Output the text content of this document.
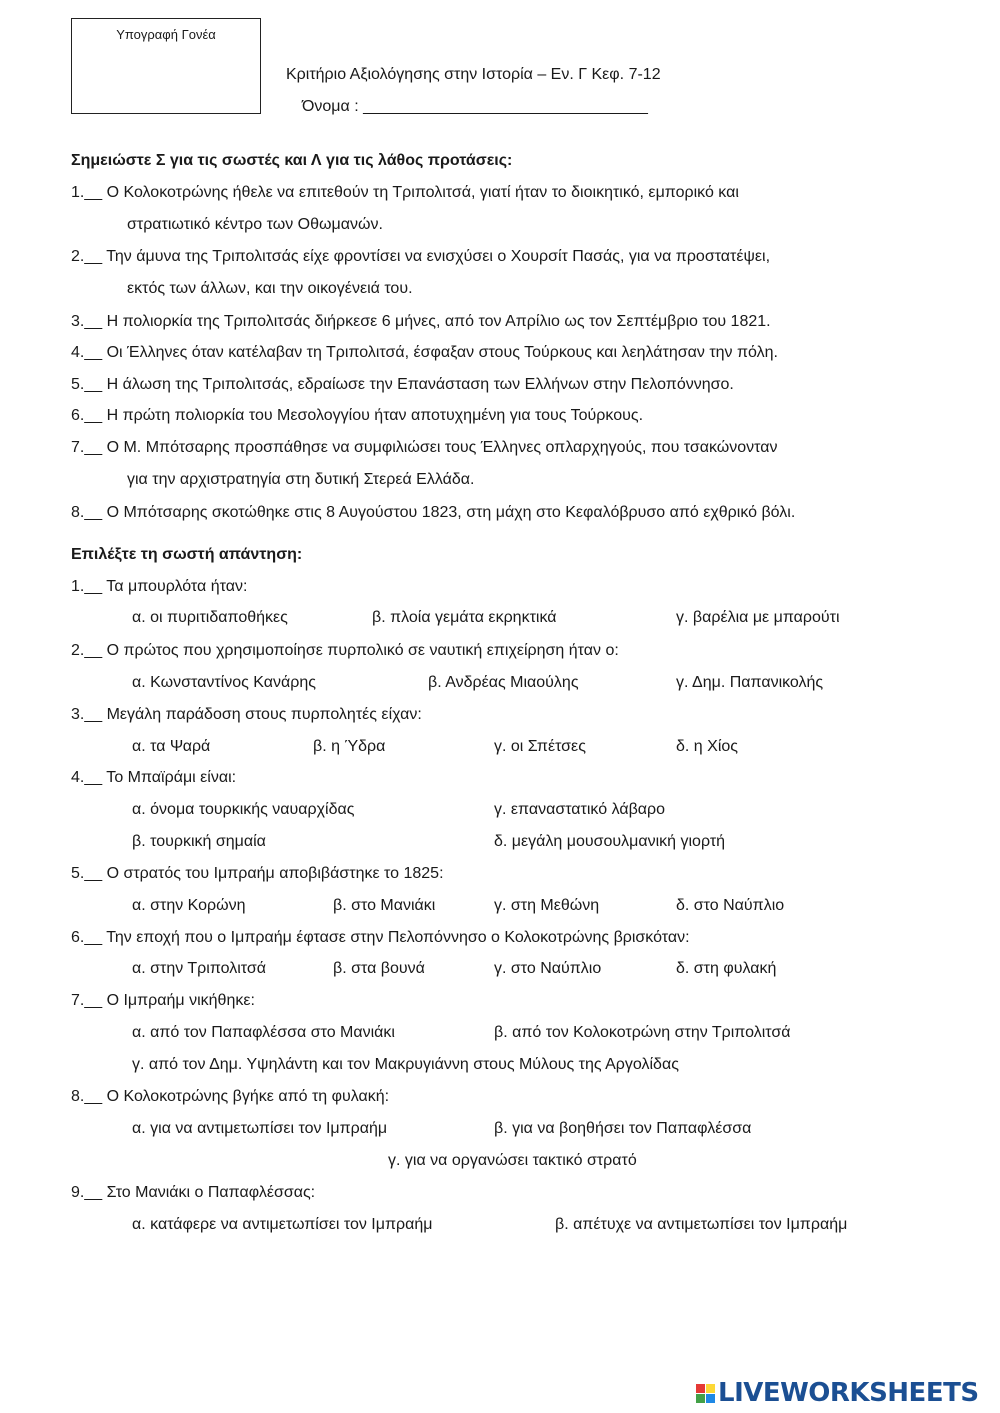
Υπογραφή Γονέα
Κριτήριο Αξιολόγησης στην Ιστορία – Εν. Γ Κεφ. 7-12
Όνομα : ________________________________
Σημειώστε Σ για τις σωστές και Λ για τις λάθος προτάσεις:
1.__ Ο Κολοκοτρώνης ήθελε να επιτεθούν τη Τριπολιτσά, γιατί ήταν το διοικητικό, εμπορικό και
στρατιωτικό κέντρο των Οθωμανών.
2.__ Την άμυνα της Τριπολιτσάς είχε φροντίσει να ενισχύσει ο Χουρσίτ Πασάς, για να προστατέψει,
εκτός των άλλων, και την οικογένειά του.
3.__ Η πολιορκία της Τριπολιτσάς διήρκεσε 6 μήνες, από τον Απρίλιο ως τον Σεπτέμβριο του 1821.
4.__ Οι Έλληνες όταν κατέλαβαν τη Τριπολιτσά, έσφαξαν στους Τούρκους και λεηλάτησαν την πόλη.
5.__ Η άλωση της Τριπολιτσάς, εδραίωσε την Επανάσταση των Ελλήνων στην Πελοπόννησο.
6.__ Η πρώτη πολιορκία του Μεσολογγίου ήταν αποτυχημένη για τους Τούρκους.
7.__ Ο Μ. Μπότσαρης προσπάθησε να συμφιλιώσει τους Έλληνες οπλαρχηγούς, που τσακώνονταν
για την αρχιστρατηγία στη δυτική Στερεά Ελλάδα.
8.__ Ο Μπότσαρης σκοτώθηκε στις 8 Αυγούστου 1823, στη μάχη στο Κεφαλόβρυσο από εχθρικό βόλι.
Επιλέξτε τη σωστή απάντηση:
1.__ Τα μπουρλότα ήταν:
α. οι πυριτιδαποθήκες	β. πλοία γεμάτα εκρηκτικά	γ. βαρέλια με μπαρούτι
2.__ Ο πρώτος που χρησιμοποίησε πυρπολικό σε ναυτική επιχείρηση ήταν ο:
α. Κωνσταντίνος Κανάρης	β. Ανδρέας Μιαούλης	γ. Δημ. Παπανικολής
3.__ Μεγάλη παράδοση στους πυρπολητές είχαν:
α. τα Ψαρά	β. η Ύδρα	γ. οι Σπέτσες	δ. η Χίος
4.__ Το Μπαϊράμι είναι:
α. όνομα τουρκικής ναυαρχίδας	γ. επαναστατικό λάβαρο
β. τουρκική σημαία	δ. μεγάλη μουσουλμανική γιορτή
5.__ Ο στρατός του Ιμπραήμ αποβιβάστηκε το 1825:
α. στην Κορώνη	β. στο Μανιάκι	γ. στη Μεθώνη	δ. στο Ναύπλιο
6.__ Την εποχή που ο Ιμπραήμ έφτασε στην Πελοπόννησο ο Κολοκοτρώνης βρισκόταν:
α. στην Τριπολιτσά	β. στα βουνά	γ. στο Ναύπλιο	δ. στη φυλακή
7.__ Ο Ιμπραήμ νικήθηκε:
α. από τον Παπαφλέσσα στο Μανιάκι	β. από τον Κολοκοτρώνη στην Τριπολιτσά
γ. από τον Δημ. Υψηλάντη και τον Μακρυγιάννη στους Μύλους της Αργολίδας
8.__ Ο Κολοκοτρώνης βγήκε από τη φυλακή:
α. για να αντιμετωπίσει τον Ιμπραήμ	β. για να βοηθήσει τον Παπαφλέσσα
γ. για να οργανώσει τακτικό στρατό
9.__ Στο Μανιάκι ο Παπαφλέσσας:
α. κατάφερε να αντιμετωπίσει τον Ιμπραήμ	β. απέτυχε να αντιμετωπίσει τον Ιμπραήμ
LIVEWORKSHEETS
